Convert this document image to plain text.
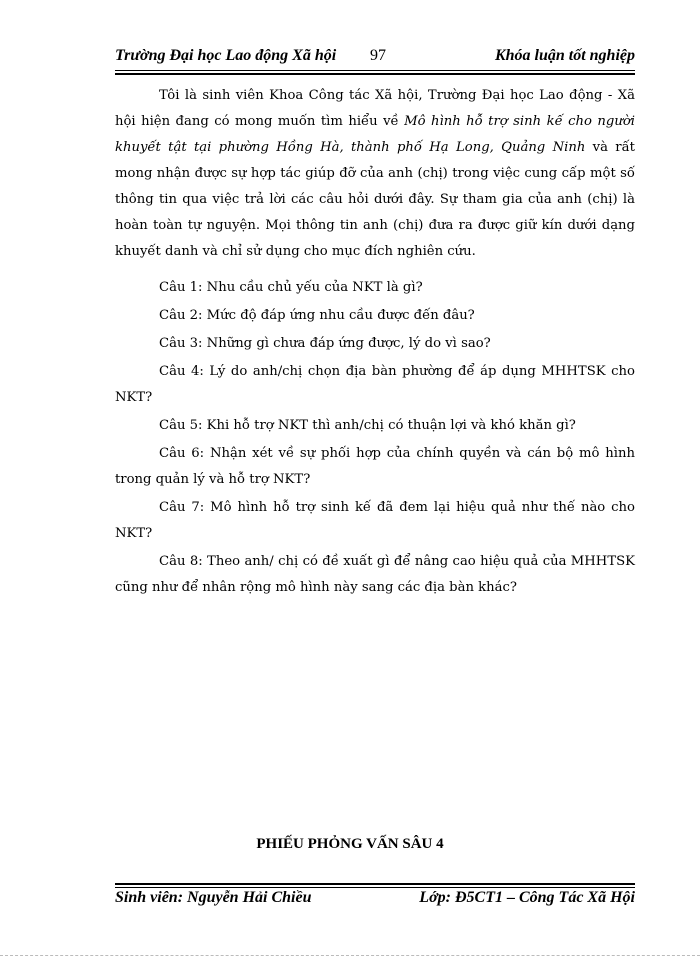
Trường Đại học Lao động Xã hội 97	Khóa luận tốt nghiệp

Tôi là sinh viên Khoa Công tác Xã hội, Trường Đại học Lao động - Xã hội hiện đang có mong muốn tìm hiểu về Mô hình hỗ trợ sinh kế cho người khuyết tật tại phường Hồng Hà, thành phố Hạ Long, Quảng Ninh và rất mong nhận được sự hợp tác giúp đỡ của anh (chị) trong việc cung cấp một số thông tin qua việc trả lời các câu hỏi dưới đây. Sự tham gia của anh (chị) là hoàn toàn tự nguyện. Mọi thông tin anh (chị) đưa ra được giữ kín dưới dạng khuyết danh và chỉ sử dụng cho mục đích nghiên cứu.

Câu 1: Nhu cầu chủ yếu của NKT là gì?

Câu 2: Mức độ đáp ứng nhu cầu được đến đâu?

Câu 3: Những gì chưa đáp ứng được, lý do vì sao?

Câu 4: Lý do anh/chị chọn địa bàn phường để áp dụng MHHTSK cho NKT?

Câu 5: Khi hỗ trợ NKT thì anh/chị có thuận lợi và khó khăn gì?

Câu 6: Nhận xét về sự phối hợp của chính quyền và cán bộ mô hình trong quản lý và hỗ trợ NKT?

Câu 7: Mô hình hỗ trợ sinh kế đã đem lại hiệu quả như thế nào cho NKT?

Câu 8: Theo anh/ chị có đề xuất gì để nâng cao hiệu quả của MHHTSK cũng như để nhân rộng mô hình này sang các địa bàn khác?

PHIẾU PHỎNG VẤN SÂU 4
Sinh viên: Nguyễn Hải Chiều	Lớp: Đ5CT1 – Công Tác Xã Hội
